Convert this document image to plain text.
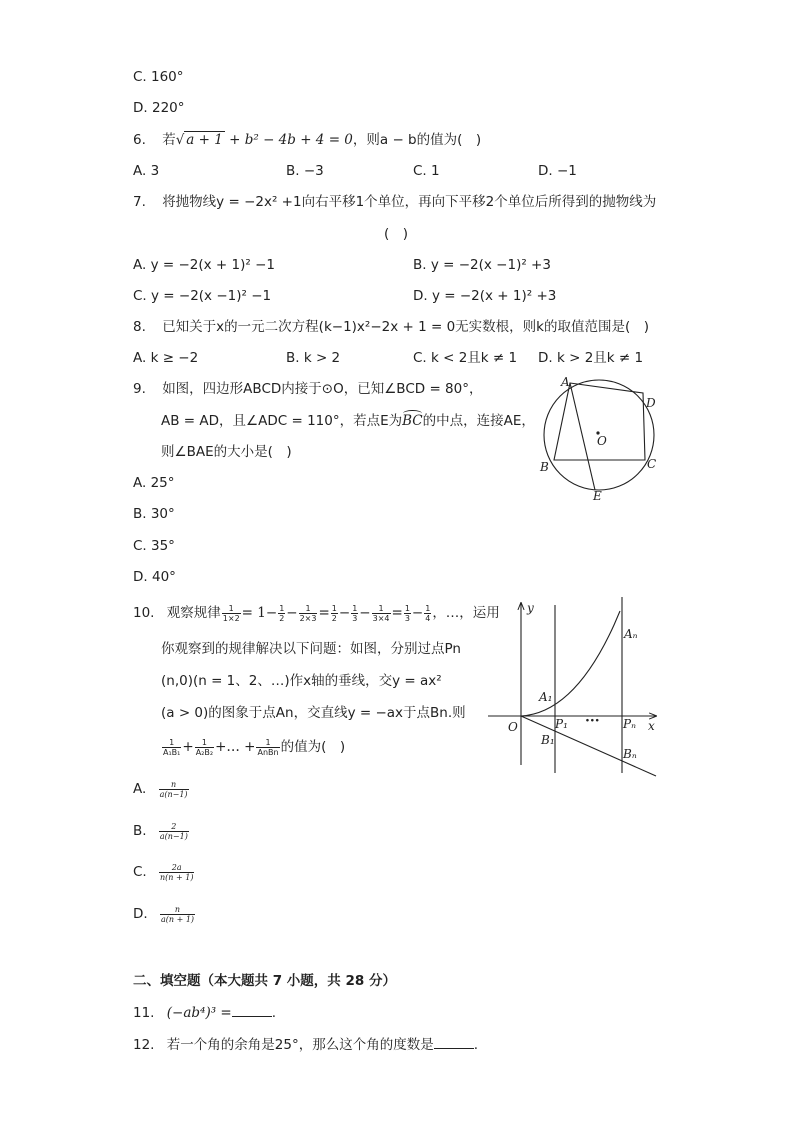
C. 160°
D. 220°
6. 若√ a + 1 + b² − 4b + 4 = 0，则a − b的值为(　)
A. 3	B. −3	C. 1	D. −1
7. 将抛物线y = −2x² +1向右平移1个单位，再向下平移2个单位后所得到的抛物线为
(　)
A. y = −2(x + 1)² −1	B. y = −2(x −1)² +3
C. y = −2(x −1)² −1	D. y = −2(x + 1)² +3
8. 已知关于x的一元二次方程(k−1)x²−2x + 1 = 0无实数根，则k的取值范围是(　)
A. k ≥ −2	B. k > 2	C. k < 2且k ≠ 1 D. k > 2且k ≠ 1
9. 如图，四边形ABCD内接于⊙O，已知∠BCD = 80°，
AB = AD，且∠ADC = 110°，若点E为
BC的中点，连接AE，
则∠BAE的大小是(　)
A. 25°
B. 30°
C. 35°
D. 40°
A
D
O
B	C
E
10. 观察规律 $\frac{1}{1\times 2} = 1- \frac{1}{2} - \frac{1}{2\times 3} = \frac{1}{2} - \frac{1}{3} - \frac{1}{3\times 4} = \frac{1}{3} - \frac{1}{4}$ ，…，运用
你观察到的规律解决以下问题：如图，分别过点Pn
(n,0)(n = 1、2、…)作x轴的垂线，交y = ax²
(a > 0)的图象于点An，交直线y = −ax于点Bn.则
$\frac{1}{\text{A₁B₁}} + \frac{1}{\text{A₂B₂}}$ +… + $\frac{1}{\text{AnBn}}$ 的值为(　)
A. $\frac{n}{a(n-1)}$
B. $\frac{2}{a(n-1)}$
C. $\frac{2a}{n(n + 1)}$
D. $\frac{n}{a(n + 1)}$
y
x
O
A₁
P₁ ··· Pₙ
B₁
Aₙ
Bₙ
二、填空题（本大题共 7 小题，共 28 分）
11. (−ab⁴)³ =	.
12. 若一个角的余角是25°，那么这个角的度数是	.
